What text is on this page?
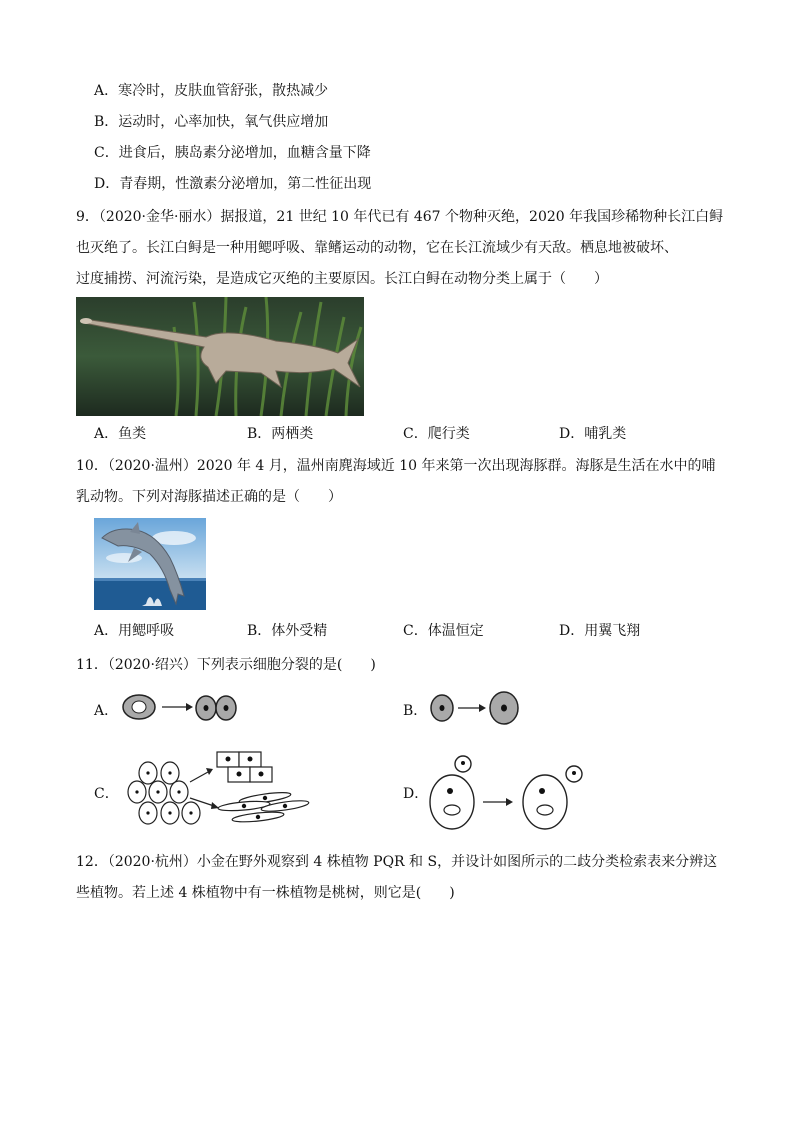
A．寒冷时，皮肤血管舒张，散热减少
B．运动时，心率加快，氧气供应增加
C．进食后，胰岛素分泌增加，血糖含量下降
D．青春期，性激素分泌增加，第二性征出现
9．（2020·金华·丽水）据报道，21 世纪 10 年代已有 467 个物种灭绝，2020 年我国珍稀物种长江白鲟
也灭绝了。长江白鲟是一种用鳃呼吸、靠鳍运动的动物，它在长江流域少有天敌。栖息地被破坏、
过度捕捞、河流污染，是造成它灭绝的主要原因。长江白鲟在动物分类上属于（　　）
A．鱼类	B．两栖类	C．爬行类	D．哺乳类
10．（2020·温州）2020 年 4 月，温州南麂海域近 10 年来第一次出现海豚群。海豚是生活在水中的哺
乳动物。下列对海豚描述正确的是（　　）
A．用鳃呼吸	B．体外受精	C．体温恒定	D．用翼飞翔
11．（2020·绍兴）下列表示细胞分裂的是(　　)
A．	B．
C．	D．
12．（2020·杭州）小金在野外观察到 4 株植物 PQR 和 S，并设计如图所示的二歧分类检索表来分辨这
些植物。若上述 4 株植物中有一株植物是桃树，则它是(　　)
